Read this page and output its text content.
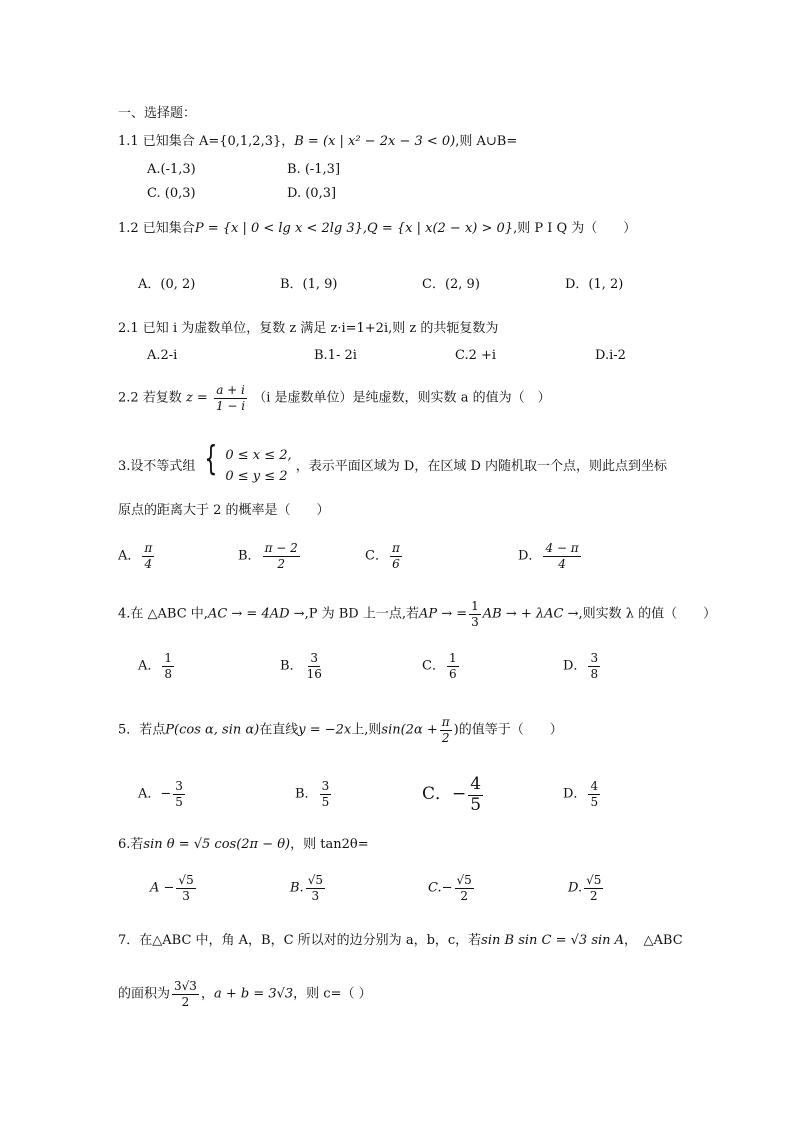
一、选择题：
1.1 已知集合 A={0,1,2,3}，B = (x | x² − 2x − 3 < 0),则 A∪B=
A.(-1,3)	B. (-1,3]
C. (0,3)	D. (0,3]
1.2 已知集合P = {x | 0 < lg x < 2lg 3},Q = {x | x(2 − x) > 0},则 P I Q 为（　　）
A．(0, 2)	B．(1, 9)	C．(2, 9)	D．(1, 2)
2.1 已知 i 为虚数单位，复数 z 满足 z·i=1+2i,则 z 的共轭复数为
A.2-i	B.1- 2i	C.2 +i	D.i-2
2.2 若复数 $z = \frac{a + i}{1 - i} (i$ 是虚数单位）是纯虚数，则实数 a 的值为（　）
3.设不等式组 { 0 ≤ x ≤ 2,
0 ≤ y ≤ 2
，表示平面区域为 D，在区域 D 内随机取一个点，则此点到坐标
原点的距离大于 2 的概率是（　　）
A． $\frac{\pi}{4}$	B． $\frac{\pi - 2}{2}$	C． $\frac{\pi}{6}$	D． $\frac{4 - \pi}{4}$
4.在 △ABC 中,AC → = 4AD →,P 为 BD 上一点,若AP → = $\frac{1}{3}$ AB → + λAC →,则实数 λ 的值（　　）
A． $\frac{1}{8}$	B． $\frac{3}{16}$	C． $\frac{1}{6}$	D． $\frac{3}{8}$
5．若点P(cos α, sin α)在直线y = −2x上,则$\sin(2\alpha + \frac{\pi}{2}$ )的值等于（　　）
A．− $\frac{3}{5}$	B． $\frac{3}{5}$	C．− $\frac{4}{5}$	D． $\frac{4}{5}$
6.若sin θ = √5 cos(2π − θ)，则 tan2θ=
$A - \frac{√5}{3}$	B. $\frac{√5}{3}$	$C.- \frac{√5}{2}$	D. $\frac{√5}{2}$
7．在△ABC 中，角 A，B，C 所以对的边分别为 a，b，c，若sin B sin C = √3 sin A，　△ABC
的面积为 $\frac{3√3}{2}$ ，a + b = 3√3，则 c=（ ）
